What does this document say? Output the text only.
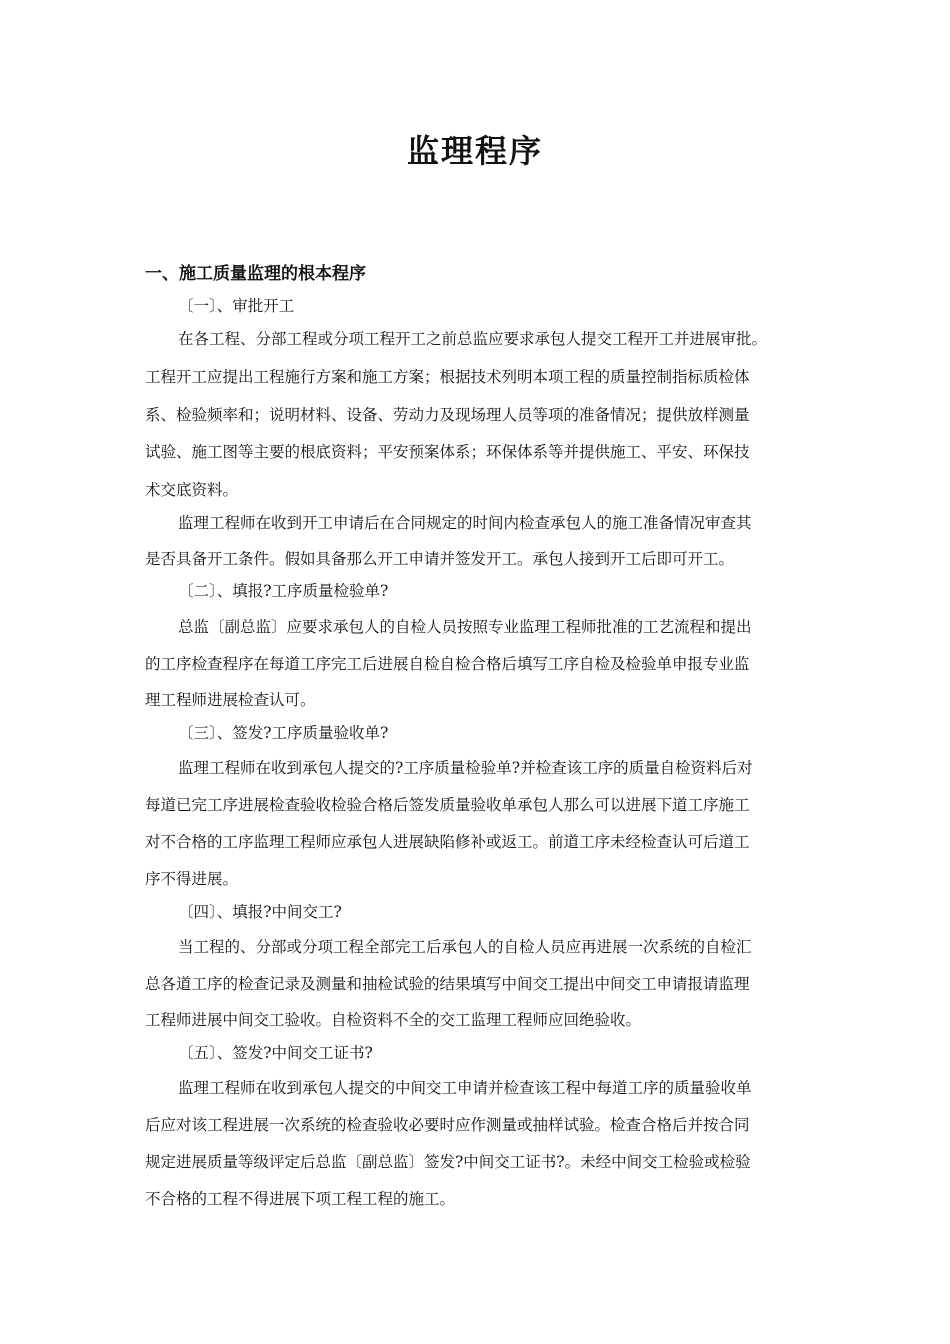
监理程序
一、施工质量监理的根本程序
〔一〕、审批开工
在各工程、分部工程或分项工程开工之前总监应要求承包人提交工程开工并进展审批。
工程开工应提出工程施行方案和施工方案；根据技术列明本项工程的质量控制指标质检体
系、检验频率和；说明材料、设备、劳动力及现场理人员等项的准备情况；提供放样测量
试验、施工图等主要的根底资料；平安预案体系；环保体系等并提供施工、平安、环保技
术交底资料。
监理工程师在收到开工申请后在合同规定的时间内检查承包人的施工准备情况审查其
是否具备开工条件。假如具备那么开工申请并签发开工。承包人接到开工后即可开工。
〔二〕、填报?工序质量检验单?
总监〔副总监〕应要求承包人的自检人员按照专业监理工程师批准的工艺流程和提出
的工序检查程序在每道工序完工后进展自检自检合格后填写工序自检及检验单申报专业监
理工程师进展检查认可。
〔三〕、签发?工序质量验收单?
监理工程师在收到承包人提交的?工序质量检验单?并检查该工序的质量自检资料后对
每道已完工序进展检查验收检验合格后签发质量验收单承包人那么可以进展下道工序施工
对不合格的工序监理工程师应承包人进展缺陷修补或返工。前道工序未经检查认可后道工
序不得进展。
〔四〕、填报?中间交工?
当工程的、分部或分项工程全部完工后承包人的自检人员应再进展一次系统的自检汇
总各道工序的检查记录及测量和抽检试验的结果填写中间交工提出中间交工申请报请监理
工程师进展中间交工验收。自检资料不全的交工监理工程师应回绝验收。
〔五〕、签发?中间交工证书?
监理工程师在收到承包人提交的中间交工申请并检查该工程中每道工序的质量验收单
后应对该工程进展一次系统的检查验收必要时应作测量或抽样试验。检查合格后并按合同
规定进展质量等级评定后总监〔副总监〕签发?中间交工证书?。未经中间交工检验或检验
不合格的工程不得进展下项工程工程的施工。
